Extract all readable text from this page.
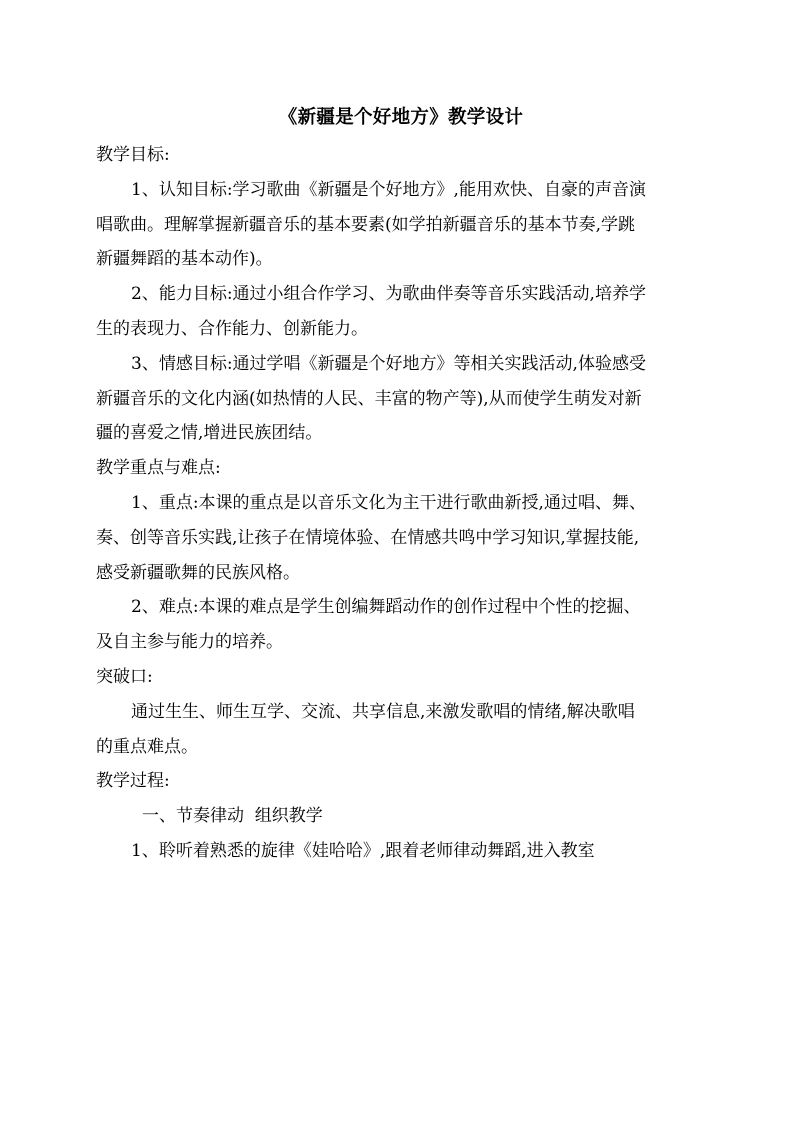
《新疆是个好地方》教学设计

教学目标:

1、认知目标:学习歌曲《新疆是个好地方》,能用欢快、自豪的声音演
唱歌曲。理解掌握新疆音乐的基本要素(如学拍新疆音乐的基本节奏,学跳
新疆舞蹈的基本动作)。

2、能力目标:通过小组合作学习、为歌曲伴奏等音乐实践活动,培养学
生的表现力、合作能力、创新能力。

3、情感目标:通过学唱《新疆是个好地方》等相关实践活动,体验感受
新疆音乐的文化内涵(如热情的人民、丰富的物产等),从而使学生萌发对新
疆的喜爱之情,增进民族团结。

教学重点与难点:

1、重点:本课的重点是以音乐文化为主干进行歌曲新授,通过唱、舞、
奏、创等音乐实践,让孩子在情境体验、在情感共鸣中学习知识,掌握技能,
感受新疆歌舞的民族风格。

2、难点:本课的难点是学生创编舞蹈动作的创作过程中个性的挖掘、
及自主参与能力的培养。

突破口:

通过生生、师生互学、交流、共享信息,来激发歌唱的情绪,解决歌唱
的重点难点。

教学过程:

一、节奏律动  组织教学

1、聆听着熟悉的旋律《娃哈哈》,跟着老师律动舞蹈,进入教室
